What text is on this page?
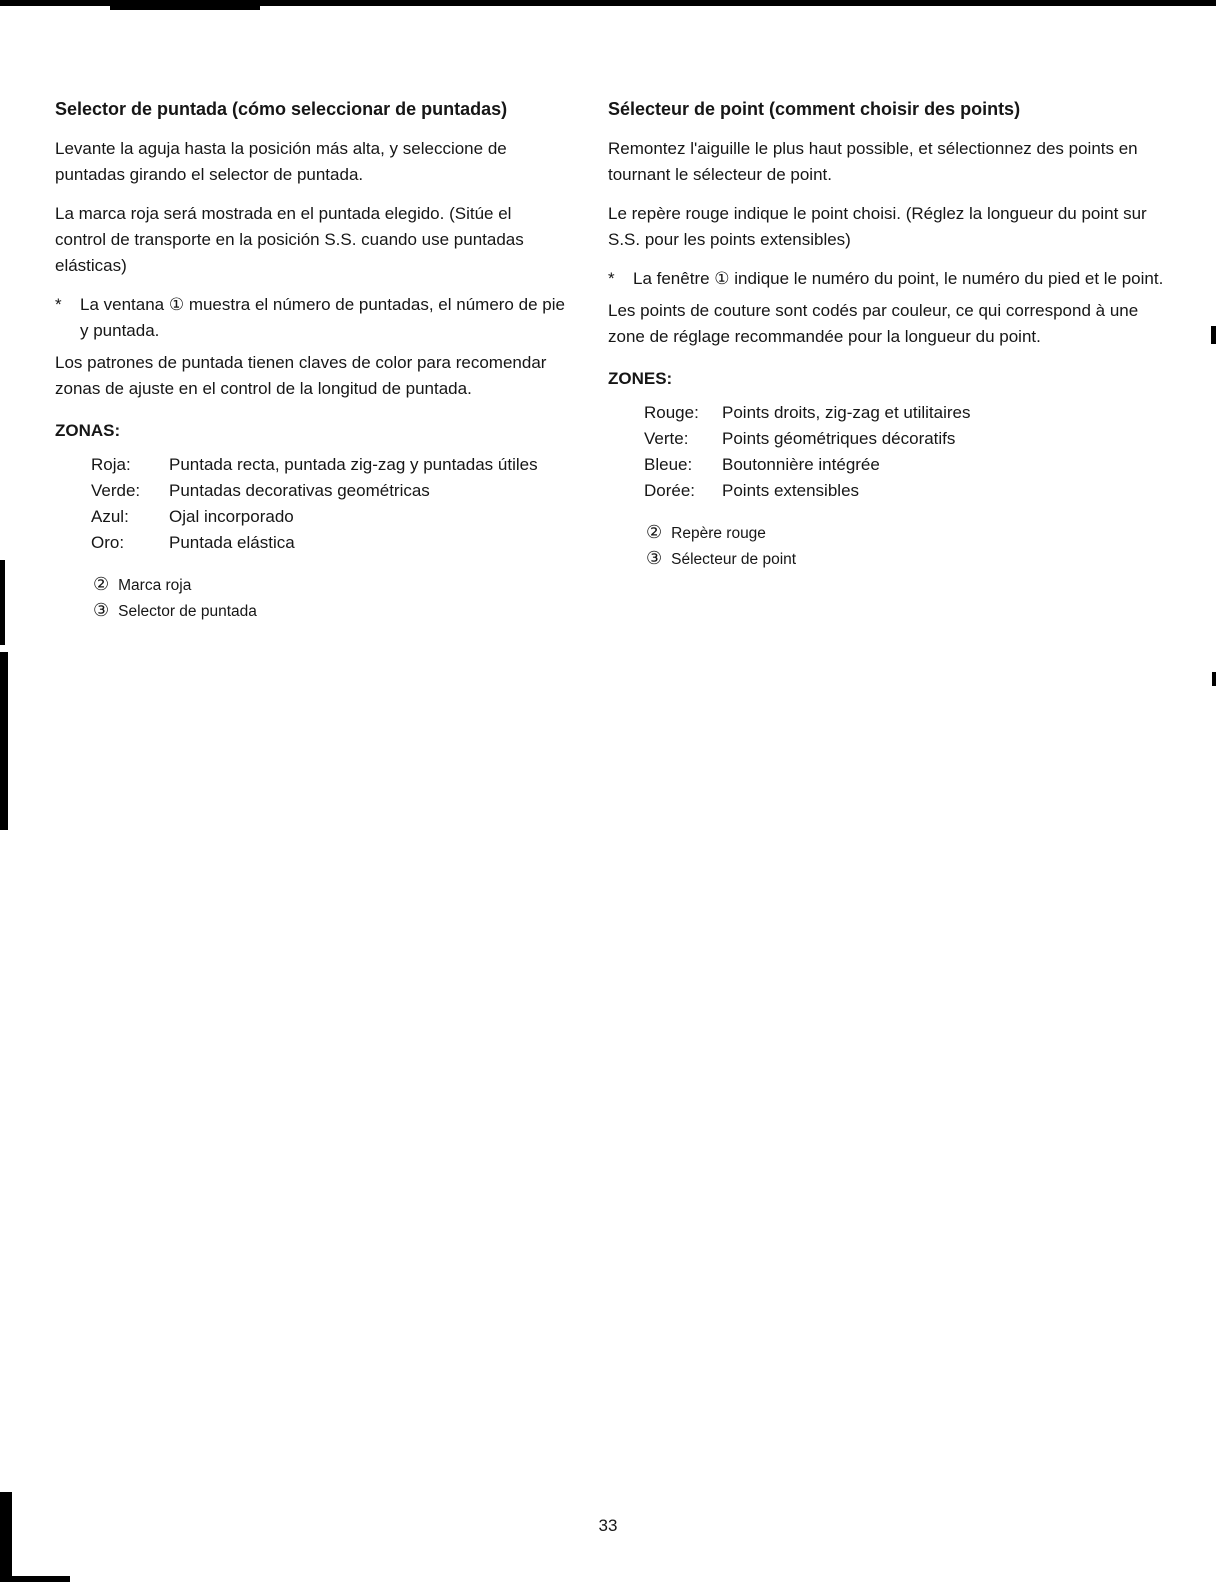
Selector de puntada (cómo seleccionar de puntadas)

Levante la aguja hasta la posición más alta, y seleccione de puntadas girando el selector de puntada.

La marca roja será mostrada en el puntada elegido. (Sitúe el control de transporte en la posición S.S. cuando use puntadas elásticas)

*	La ventana ① muestra el número de puntadas, el número de pie y puntada.

Los patrones de puntada tienen claves de color para recomendar zonas de ajuste en el control de la longitud de puntada.

ZONAS:
Roja:	Puntada recta, puntada zig-zag y puntadas útiles
Verde:	Puntadas decorativas geométricas
Azul:	Ojal incorporado
Oro:	Puntada elástica
② Marca roja
③ Selector de puntada
Sélecteur de point (comment choisir des points)

Remontez l'aiguille le plus haut possible, et sélectionnez des points en tournant le sélecteur de point.

Le repère rouge indique le point choisi. (Réglez la longueur du point sur S.S. pour les points extensibles)

*	La fenêtre ① indique le numéro du point, le numéro du pied et le point.

Les points de couture sont codés par couleur, ce qui correspond à une zone de réglage recommandée pour la longueur du point.

ZONES:
Rouge:	Points droits, zig-zag et utilitaires
Verte:	Points géométriques décoratifs
Bleue:	Boutonnière intégrée
Dorée:	Points extensibles
② Repère rouge
③ Sélecteur de point
33
